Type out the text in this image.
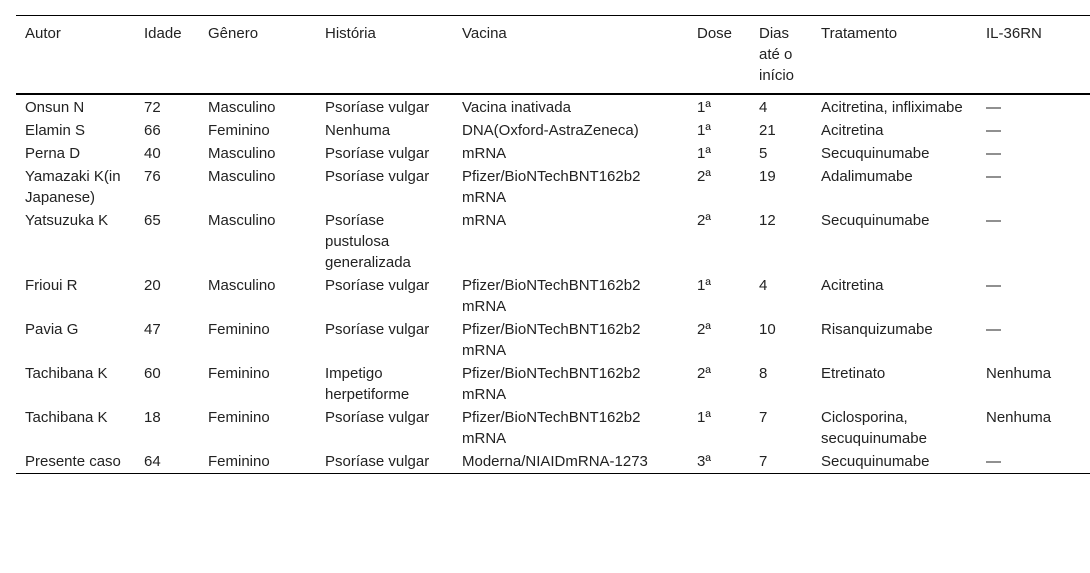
Autor	Idade	Gênero	História	Vacina	Dose	Dias até o início	Tratamento	IL-36RN
Onsun N	72	Masculino	Psoríase vulgar	Vacina inativada	1ª	4	Acitretina, infliximabe	—
Elamin S	66	Feminino	Nenhuma	DNA(Oxford-AstraZeneca)	1ª	21	Acitretina	—
Perna D	40	Masculino	Psoríase vulgar	mRNA	1ª	5	Secuquinumabe	—
Yamazaki K(in Japanese)	76	Masculino	Psoríase vulgar	Pfizer/BioNTechBNT162b2 mRNA	2ª	19	Adalimumabe	—
Yatsuzuka K	65	Masculino	Psoríase pustulosa generalizada	mRNA	2ª	12	Secuquinumabe	—
Frioui R	20	Masculino	Psoríase vulgar	Pfizer/BioNTechBNT162b2 mRNA	1ª	4	Acitretina	—
Pavia G	47	Feminino	Psoríase vulgar	Pfizer/BioNTechBNT162b2 mRNA	2ª	10	Risanquizumabe	—
Tachibana K	60	Feminino	Impetigo herpetiforme	Pfizer/BioNTechBNT162b2 mRNA	2ª	8	Etretinato	Nenhuma
Tachibana K	18	Feminino	Psoríase vulgar	Pfizer/BioNTechBNT162b2 mRNA	1ª	7	Ciclosporina, secuquinumabe	Nenhuma
Presente caso	64	Feminino	Psoríase vulgar	Moderna/NIAIDmRNA-1273	3ª	7	Secuquinumabe	—
